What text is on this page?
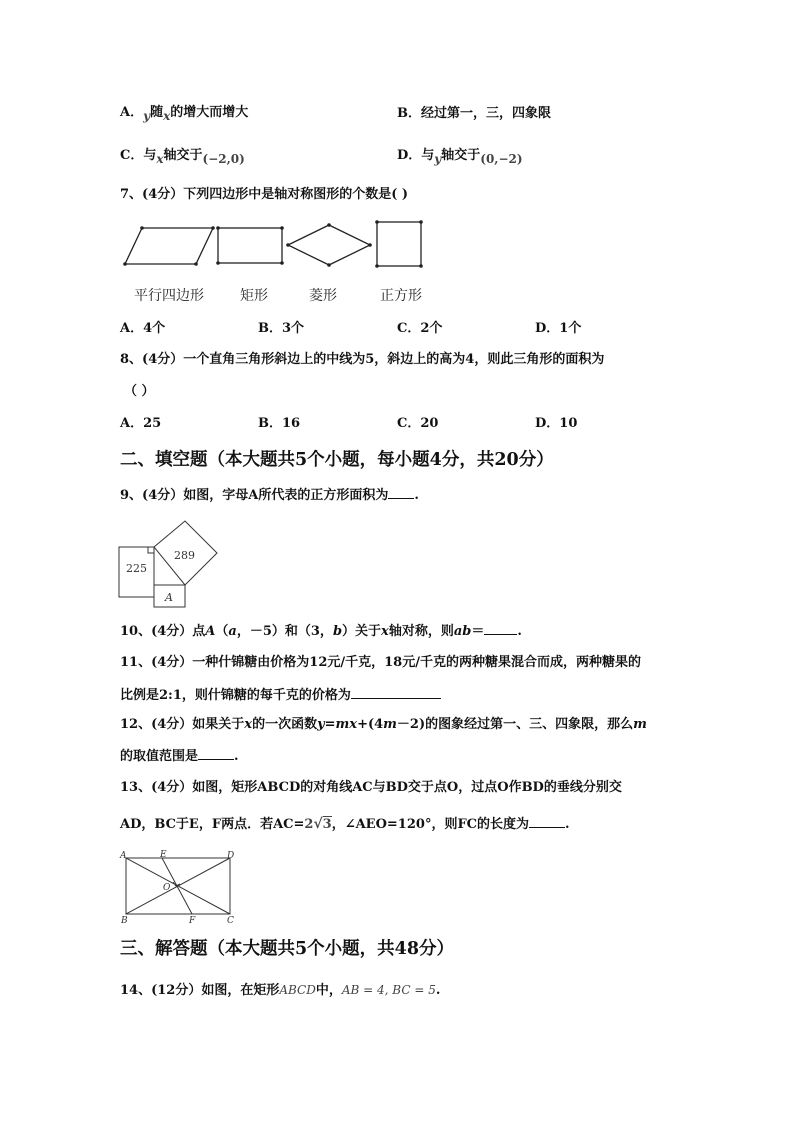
A．y随x的增大而增大	B．经过第一，三，四象限
C．与x轴交于(−2,0)	D．与y轴交于(0,−2)
7、(4分）下列四边形中是轴对称图形的个数是( )
平行四边形	矩形	菱形	正方形
A．4个	B．3个	C．2个	D．1个
8、(4分）一个直角三角形斜边上的中线为5，斜边上的高为4，则此三角形的面积为
（ ）
A．25	B．16	C．20	D．10
二、填空题（本大题共5个小题，每小题4分，共20分）
9、(4分）如图，字母A所代表的正方形面积为 .
225
289
A
10、(4分）点A（a，－5）和（3，b）关于x轴对称，则ab＝	.
11、(4分）一种什锦糖由价格为12元/千克，18元/千克的两种糖果混合而成，两种糖果的
比例是2:1，则什锦糖的每千克的价格为
12、(4分）如果关于x的一次函数y=mx+(4m－2)的图象经过第一、三、四象限，那么m
的取值范围是	.
13、(4分）如图，矩形ABCD的对角线AC与BD交于点O，过点O作BD的垂线分别交
AD，BC于E，F两点．若AC=2√3，∠AEO=120°，则FC的长度为	.
A	E	D
O
B	F	C
三、解答题（本大题共5个小题，共48分）
14、(12分）如图，在矩形ABCD中，AB = 4, BC = 5.
